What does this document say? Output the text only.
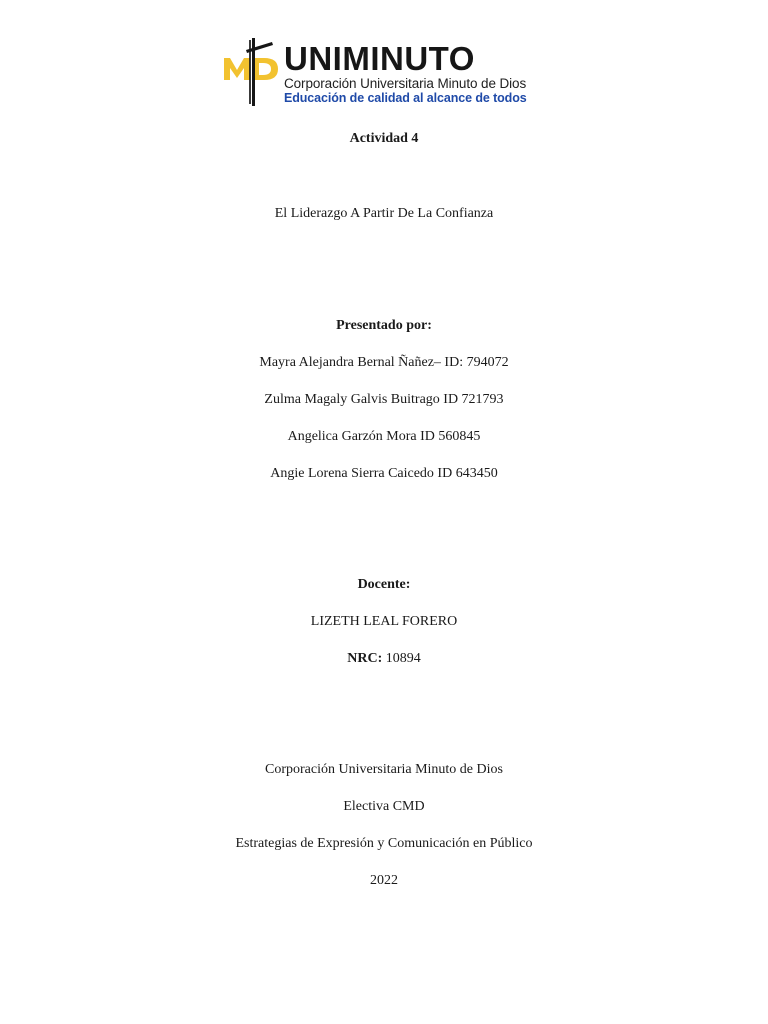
UNIMINUTO
Corporación Universitaria Minuto de Dios
Educación de calidad al alcance de todos
Actividad 4
El Liderazgo A Partir De La Confianza
Presentado por:
Mayra Alejandra Bernal Ñañez– ID: 794072
Zulma Magaly Galvis Buitrago ID 721793
Angelica Garzón Mora ID 560845
Angie Lorena Sierra Caicedo ID 643450
Docente:
LIZETH LEAL FORERO
NRC: 10894
Corporación Universitaria Minuto de Dios
Electiva CMD
Estrategias de Expresión y Comunicación en Público
2022
